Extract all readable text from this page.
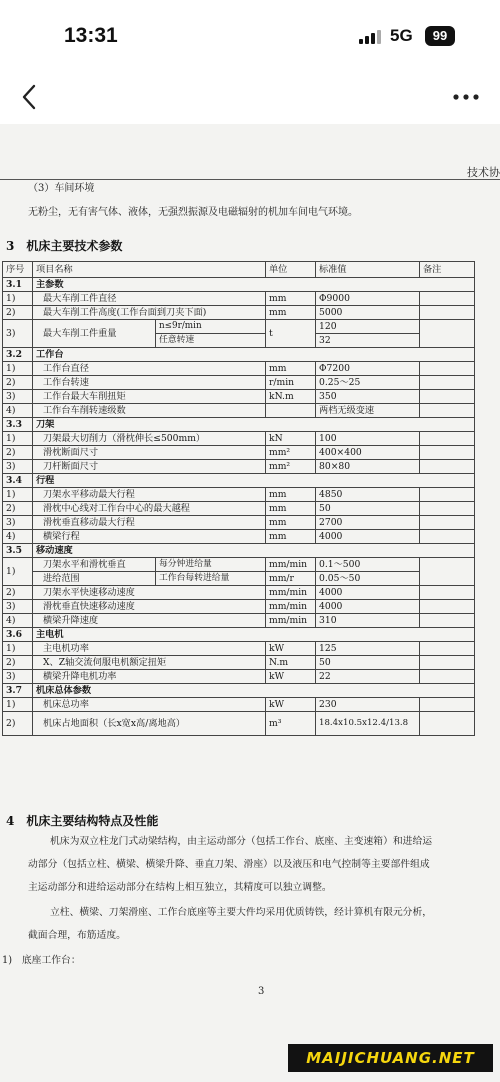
13:31	5G	99
技术协
（3）车间环境
无粉尘，无有害气体、液体，无强烈振源及电磁辐射的机加车间电气环境。
3　机床主要技术参数
序号	项目名称		单位	标准值	备注
3.1	主参数				
1)	最大车削工件直径		mm	Φ9000	
2)	最大车削工件高度(工作台面到刀夹下面)		mm	5000	
3)	最大车削工件重量	n≤9r/min	t	120	
		任意转速		32	
3.2	工作台				
1)	工作台直径		mm	Φ7200	
2)	工作台转速		r/min	0.25～25	
3)	工作台最大车削扭矩		kN.m	350	
4)	工作台车削转速级数			两档无级变速	
3.3	刀架				
1)	刀架最大切削力（滑枕伸长≤500mm）		kN	100	
2)	滑枕断面尺寸		mm²	400×400	
3)	刀杆断面尺寸		mm²	80×80	
3.4	行程				
1)	刀架水平移动最大行程		mm	4850	
2)	滑枕中心线对工作台中心的最大越程		mm	50	
3)	滑枕垂直移动最大行程		mm	2700	
4)	横梁行程		mm	4000	
3.5	移动速度				
1)	刀架水平和滑枕垂直	每分钟进给量	mm/min	0.1～500	
	进给范围	工作台每转进给量	mm/r	0.05～50	
2)	刀架水平快速移动速度		mm/min	4000	
3)	滑枕垂直快速移动速度		mm/min	4000	
4)	横梁升降速度		mm/min	310	
3.6	主电机				
1)	主电机功率		kW	125	
2)	X、Z轴交流伺服电机额定扭矩		N.m	50	
3)	横梁升降电机功率		kW	22	
3.7	机床总体参数				
1)	机床总功率		kW	230	
2)	机床占地面积（长x宽x高/离地高）		m³	18.4x10.5x12.4/13.8	
4　机床主要结构特点及性能
机床为双立柱龙门式动梁结构，由主运动部分（包括工作台、底座、主变速箱）和进给运
动部分（包括立柱、横梁、横梁升降、垂直刀架、滑座）以及液压和电气控制等主要部件组成
主运动部分和进给运动部分在结构上相互独立，其精度可以独立调整。
立柱、横梁、刀架滑座、工作台底座等主要大件均采用优质铸铁，经计算机有限元分析，
截面合理，布筋适度。
1)　底座工作台：
3
MAIJICHUANG.NET
